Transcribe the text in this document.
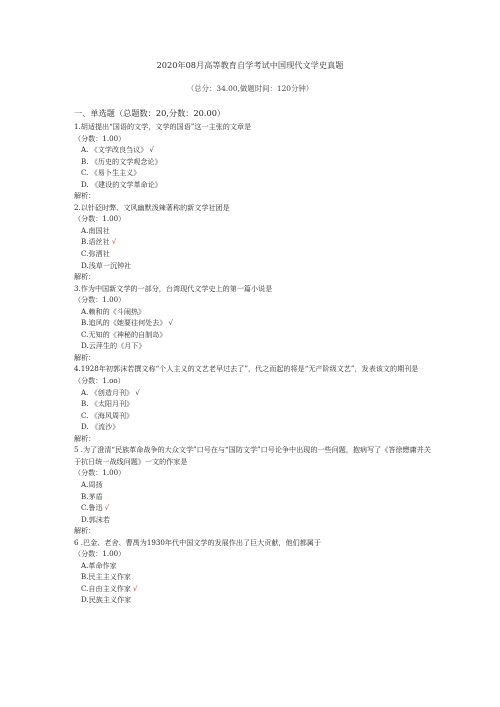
2020年08月高等教育自学考试中国现代文学史真题
（总分：34.00,做题时间：120分钟）
一、单选题（总题数：20,分数：20.00）
1.胡适提出“国语的文学，文学的国语”这一主张的文章是
（分数：1.00）
A. 《文学改良刍议》 √
B. 《历史的文学观念论》
C. 《易卜生主义》
D. 《建设的文学革命论》
解析：
2.以针砭时弊、文风幽默泼辣著称的新文学社团是
（分数：1.00）
A.南国社
B.语丝社 √
C.弥洒社
D.浅草一沉钟社
解析：
3.作为中国新文学的一部分，台湾现代文学史上的第一篇小说是
（分数：1.00）
A.赖和的《斗闹热》
B.追风的《她要往何处去》 √
C.无知的《神秘的自制岛》
D.云萍生的《月下》
解析：
4.1928年初郭沫若撰文称“个人主义的文艺老早过去了”，代之而起的将是“无产阶级文艺”，发表该文的期刊是
（分数：1.oo）
A. 《创造月刊》 √
B. 《太阳月刊》
C. 《海风周刊》
D. 《流沙》
解析：
5 .为了澄清“民族革命战争的大众文学”口号在与“国防文学”口号论争中出现的一些问题，抱病写了《答徐懋庸并关于抗日统一战线问题》一文的作家是
（分数：1.00）
A.周扬
B.茅盾
C.鲁迅 √
D.郭沫若
解析：
6 .巴金、老舍、曹禺为1930年代中国文学的发展作出了巨大贡献，他们都属于
（分数：1.00）
A.革命作家
B.民主主义作家
C.自由主义作家 √
D.民族主义作家
